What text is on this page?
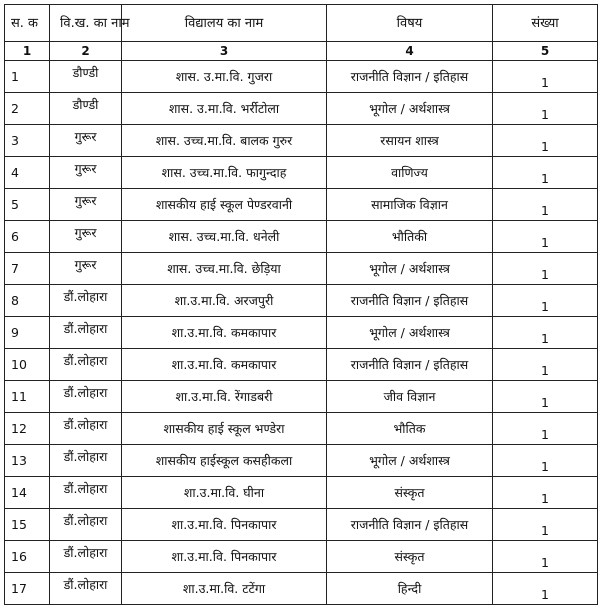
स. क	वि.ख. का नाम	विद्यालय का नाम	विषय	संख्या
1	2	3	4	5
1	डौण्डी	शास. उ.मा.वि. गुजरा	राजनीति विज्ञान / इतिहास	1
2	डौण्डी	शास. उ.मा.वि. भर्रीटोला	भूगोल / अर्थशास्त्र	1
3	गुरूर	शास. उच्च.मा.वि. बालक गुरुर	रसायन शास्त्र	1
4	गुरूर	शास. उच्च.मा.वि. फागुन्दाह	वाणिज्य	1
5	गुरूर	शासकीय हाई स्कूल पेण्डरवानी	सामाजिक विज्ञान	1
6	गुरूर	शास. उच्च.मा.वि. धनेली	भौतिकी	1
7	गुरूर	शास. उच्च.मा.वि. छेड़िया	भूगोल / अर्थशास्त्र	1
8	डौं.लोहारा	शा.उ.मा.वि. अरजपुरी	राजनीति विज्ञान / इतिहास	1
9	डौं.लोहारा	शा.उ.मा.वि. कमकापार	भूगोल / अर्थशास्त्र	1
10	डौं.लोहारा	शा.उ.मा.वि. कमकापार	राजनीति विज्ञान / इतिहास	1
11	डौं.लोहारा	शा.उ.मा.वि. रेंगाडबरी	जीव विज्ञान	1
12	डौं.लोहारा	शासकीय हाई स्कूल भण्डेरा	भौतिक	1
13	डौं.लोहारा	शासकीय हाईस्कूल कसहीकला	भूगोल / अर्थशास्त्र	1
14	डौं.लोहारा	शा.उ.मा.वि. घीना	संस्कृत	1
15	डौं.लोहारा	शा.उ.मा.वि. पिनकापार	राजनीति विज्ञान / इतिहास	1
16	डौं.लोहारा	शा.उ.मा.वि. पिनकापार	संस्कृत	1
17	डौं.लोहारा	शा.उ.मा.वि. टटेंगा	हिन्दी	1
